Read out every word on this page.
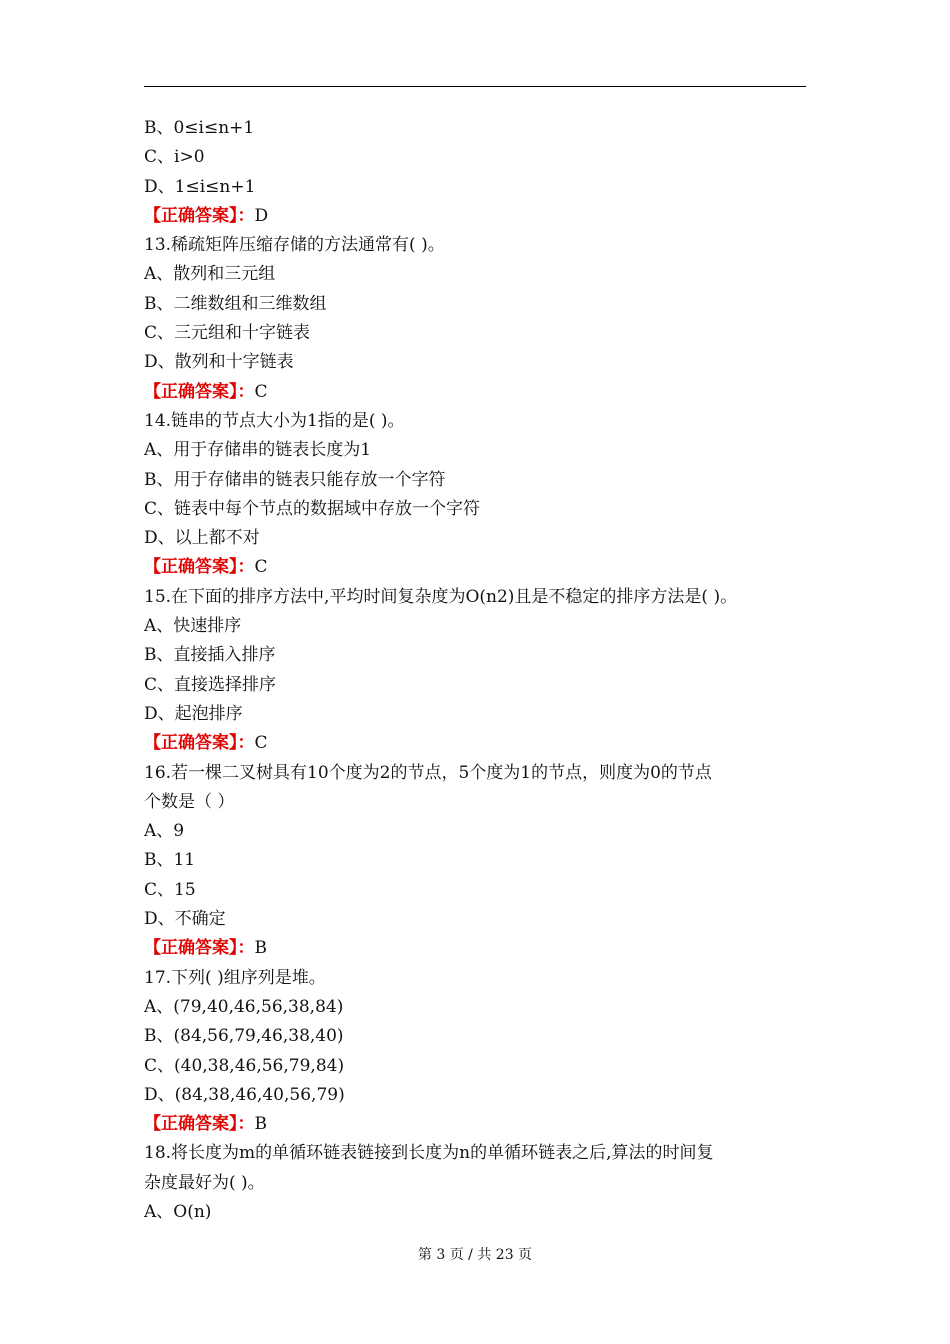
B、0≤i≤n+1
C、i>0
D、1≤i≤n+1
【正确答案】：D
13.稀疏矩阵压缩存储的方法通常有( )。
A、散列和三元组
B、二维数组和三维数组
C、三元组和十字链表
D、散列和十字链表
【正确答案】：C
14.链串的节点大小为1指的是( )。
A、用于存储串的链表长度为1
B、用于存储串的链表只能存放一个字符
C、链表中每个节点的数据域中存放一个字符
D、以上都不对
【正确答案】：C
15.在下面的排序方法中,平均时间复杂度为O(n2)且是不稳定的排序方法是( )。
A、快速排序
B、直接插入排序
C、直接选择排序
D、起泡排序
【正确答案】：C
16.若一棵二叉树具有10个度为2的节点，5个度为1的节点，则度为0的节点
个数是（ ）
A、9
B、11
C、15
D、不确定
【正确答案】：B
17.下列( )组序列是堆。
A、(79,40,46,56,38,84)
B、(84,56,79,46,38,40)
C、(40,38,46,56,79,84)
D、(84,38,46,40,56,79)
【正确答案】：B
18.将长度为m的单循环链表链接到长度为n的单循环链表之后,算法的时间复
杂度最好为( )。
A、O(n)
第 3 页 / 共 23 页
